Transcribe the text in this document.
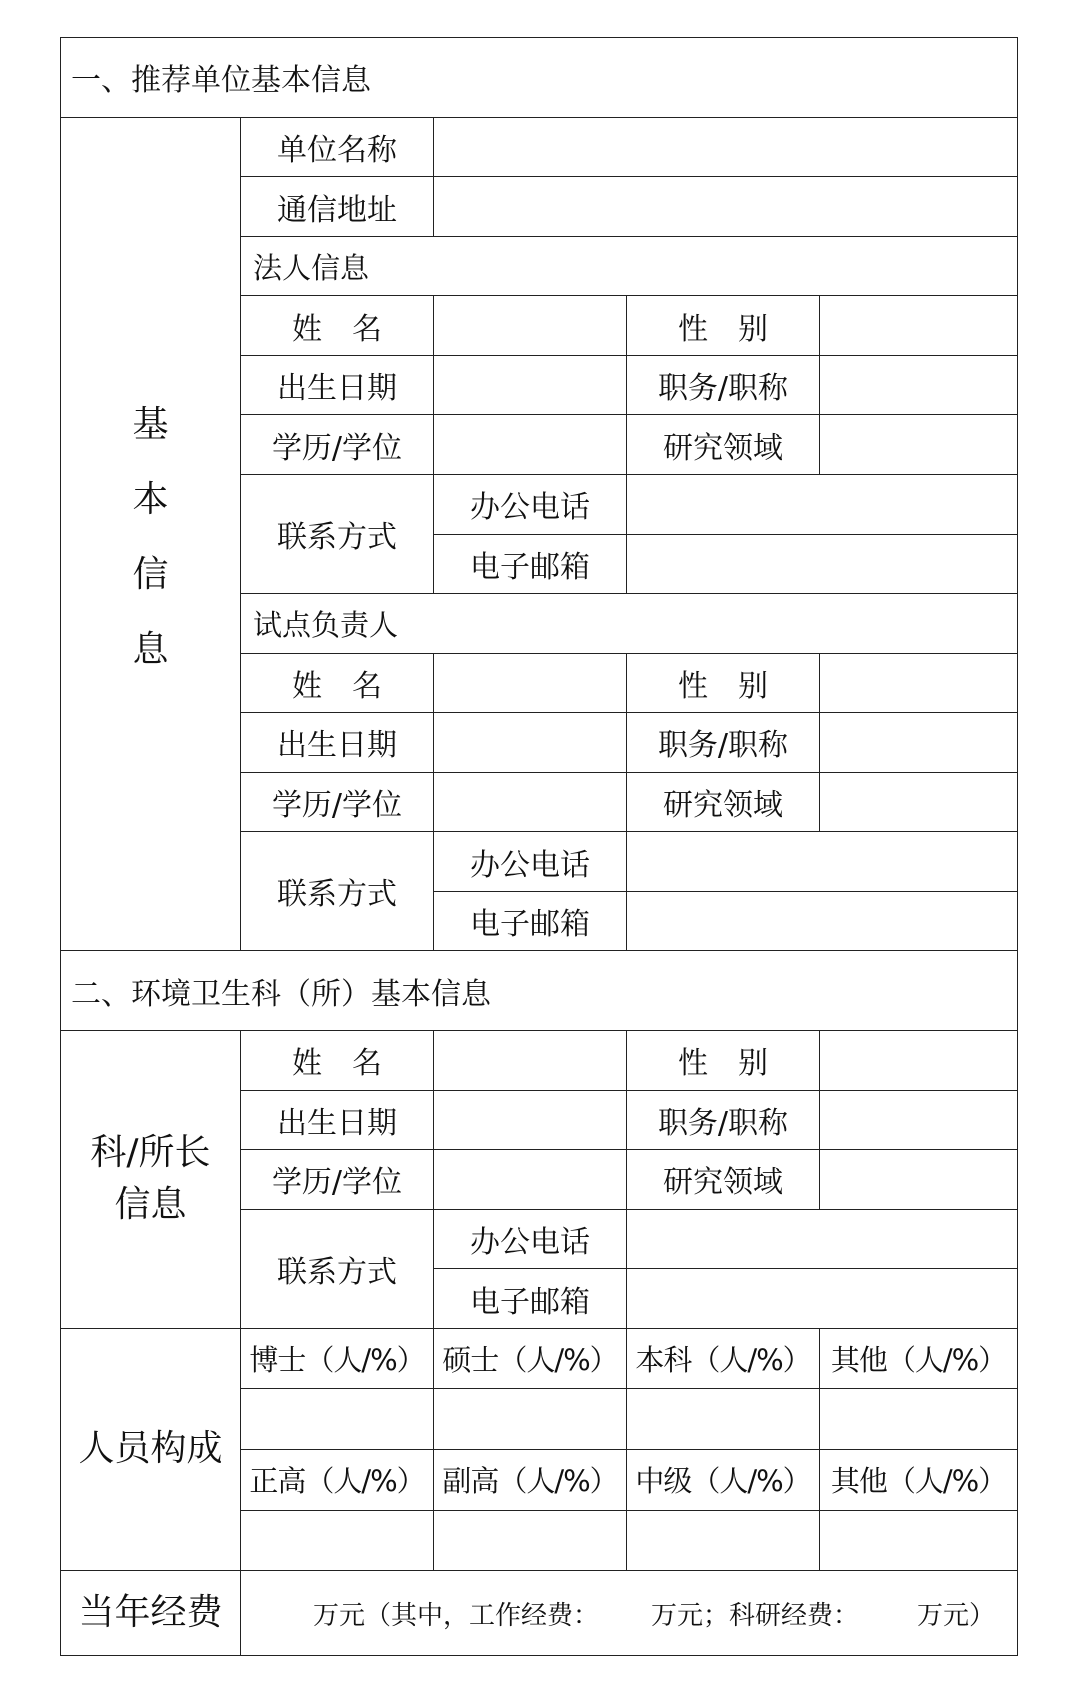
一、推荐单位基本信息				

基
本
信
息	单位名称			
	通信地址			
	法人信息			
	姓　名		性　别	
	出生日期		职务/职称	
	学历/学位		研究领域	
	联系方式	办公电话		
		电子邮箱		
	试点负责人			
	姓　名		性　别	
	出生日期		职务/职称	
	学历/学位		研究领域	
	联系方式	办公电话		
		电子邮箱		
二、环境卫生科（所）基本信息				

科/所长
信息	姓　名		性　别	
	出生日期		职务/职称	
	学历/学位		研究领域	
	联系方式	办公电话		
		电子邮箱		
人员构成	博士（人/%）	硕士（人/%）	本科（人/%）	其他（人/%）

	正高（人/%）	副高（人/%）	中级（人/%）	其他（人/%）

当年经费	万元（其中，工作经费： 万元；科研经费： 万元）			
